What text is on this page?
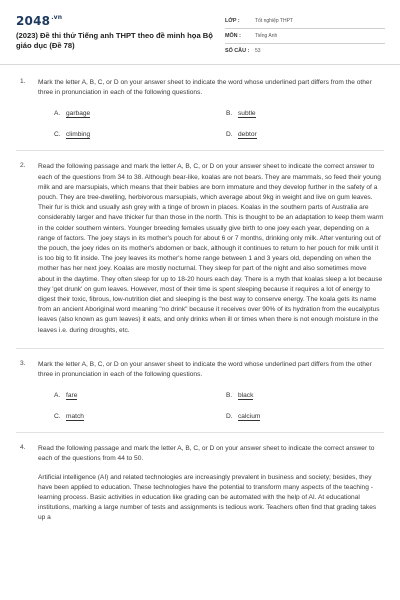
$2048^{.vn}$
(2023) Đề thi thử Tiếng anh THPT theo đề minh họa Bộ giáo dục (Đề 78)
LỚP :	Tốt nghiệp THPT
MÔN :	Tiếng Anh
SỐ CÂU :	53
1. Mark the letter A, B, C, or D on your answer sheet to indicate the word whose underlined part differs from the other three in pronunciation in each of the following questions.
A. garbage	B. subtle
C. climbing	D. debtor
2. Read the following passage and mark the letter A, B, C, or D on your answer sheet to indicate the correct answer to each of the questions from 34 to 38. Although bear-like, koalas are not bears. They are mammals, so feed their young milk and are marsupials, which means that their babies are born immature and they develop further in the safety of a pouch. They are tree-dwelling, herbivorous marsupials, which average about 9kg in weight and live on gum leaves. Their fur is thick and usually ash grey with a tinge of brown in places. Koalas in the southern parts of Australia are considerably larger and have thicker fur than those in the north. This is thought to be an adaptation to keep them warm in the colder southern winters. Younger breeding females usually give birth to one joey each year, depending on a range of factors. The joey stays in its mother's pouch for about 6 or 7 months, drinking only milk. After venturing out of the pouch, the joey rides on its mother's abdomen or back, although it continues to return to her pouch for milk until it is too big to fit inside. The joey leaves its mother's home range between 1 and 3 years old, depending on when the mother has her next joey. Koalas are mostly nocturnal. They sleep for part of the night and also sometimes move about in the daytime. They often sleep for up to 18-20 hours each day. There is a myth that koalas sleep a lot because they 'get drunk' on gum leaves. However, most of their time is spent sleeping because it requires a lot of energy to digest their toxic, fibrous, low-nutrition diet and sleeping is the best way to conserve energy. The koala gets its name from an ancient Aboriginal word meaning "no drink" because it receives over 90% of its hydration from the eucalyptus leaves (also known as gum leaves) it eats, and only drinks when ill or times when there is not enough moisture in the leaves i.e. during droughts, etc.
3. Mark the letter A, B, C, or D on your answer sheet to indicate the word whose underlined part differs from the other three in pronunciation in each of the following questions.
A. fare	B. black
C. match	D. calcium
4. Read the following passage and mark the letter A, B, C, or D on your answer sheet to indicate the correct answer to each of the questions from 44 to 50.
Artificial intelligence (AI) and related technologies are increasingly prevalent in business and society; besides, they have been applied to education. These technologies have the potential to transform many aspects of the teaching - learning process. Basic activities in education like grading can be automated with the help of AI. At educational institutions, marking a large number of tests and assignments is tedious work. Teachers often find that grading takes up a
